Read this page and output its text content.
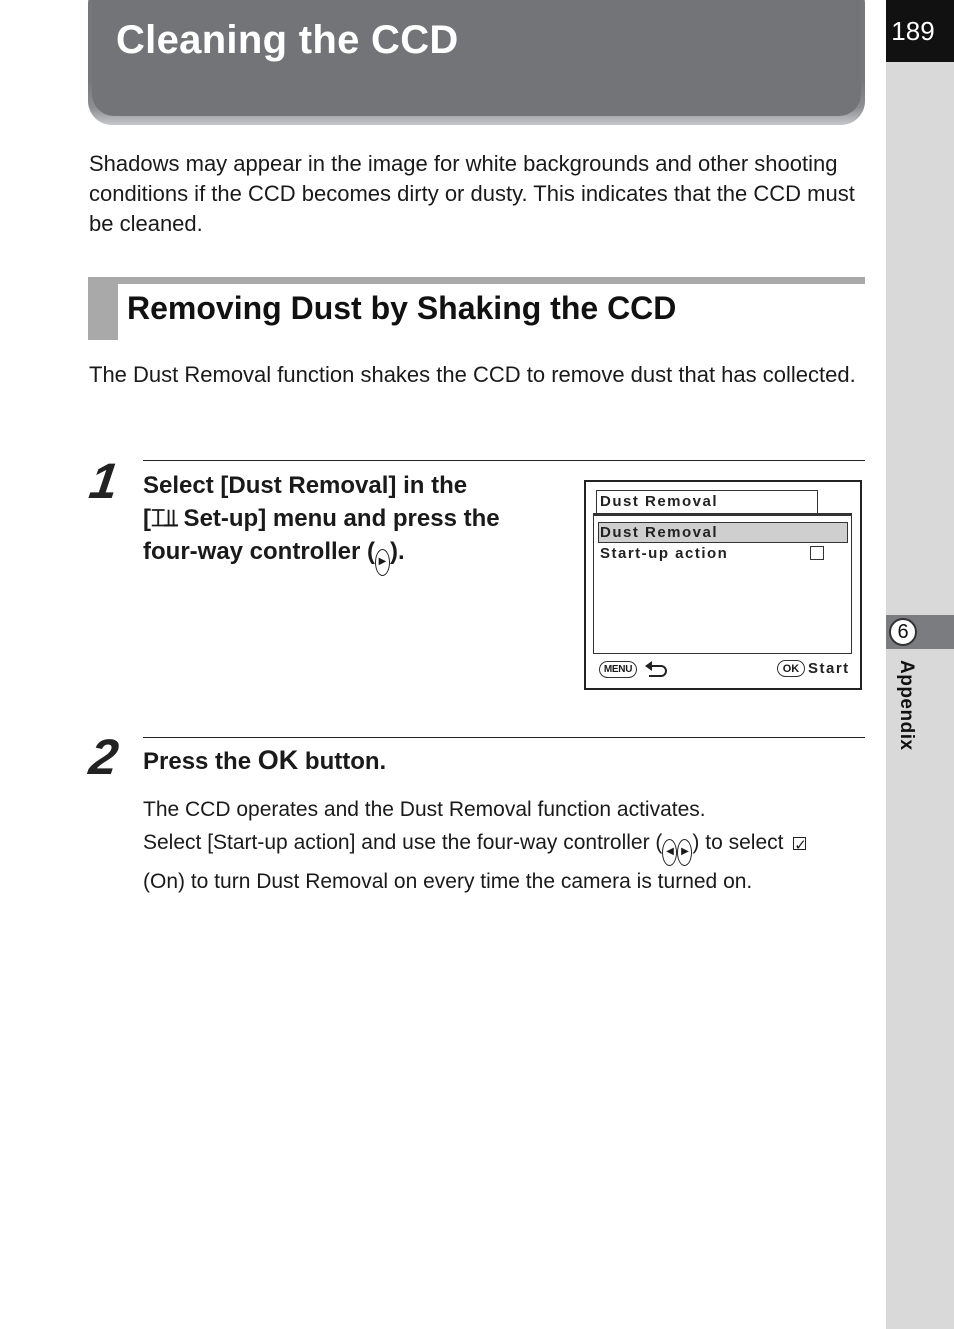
189
6
Appendix
Cleaning the CCD

Shadows may appear in the image for white backgrounds and other shooting conditions if the CCD becomes dirty or dusty. This indicates that the CCD must be cleaned.

Removing Dust by Shaking the CCD

The Dust Removal function shakes the CCD to remove dust that has collected.

1 Select [Dust Removal] in the
[⌶⫫ Set-up] menu and press the
four-way controller ( ▶ ).
Dust Removal
Dust Removal
Start-up action
MENU	OK Start
2 Press the OK button.

The CCD operates and the Dust Removal function activates.

Select [Start-up action] and use the four-way controller ( ◀ ▶ ) to select ✓
(On) to turn Dust Removal on every time the camera is turned on.
